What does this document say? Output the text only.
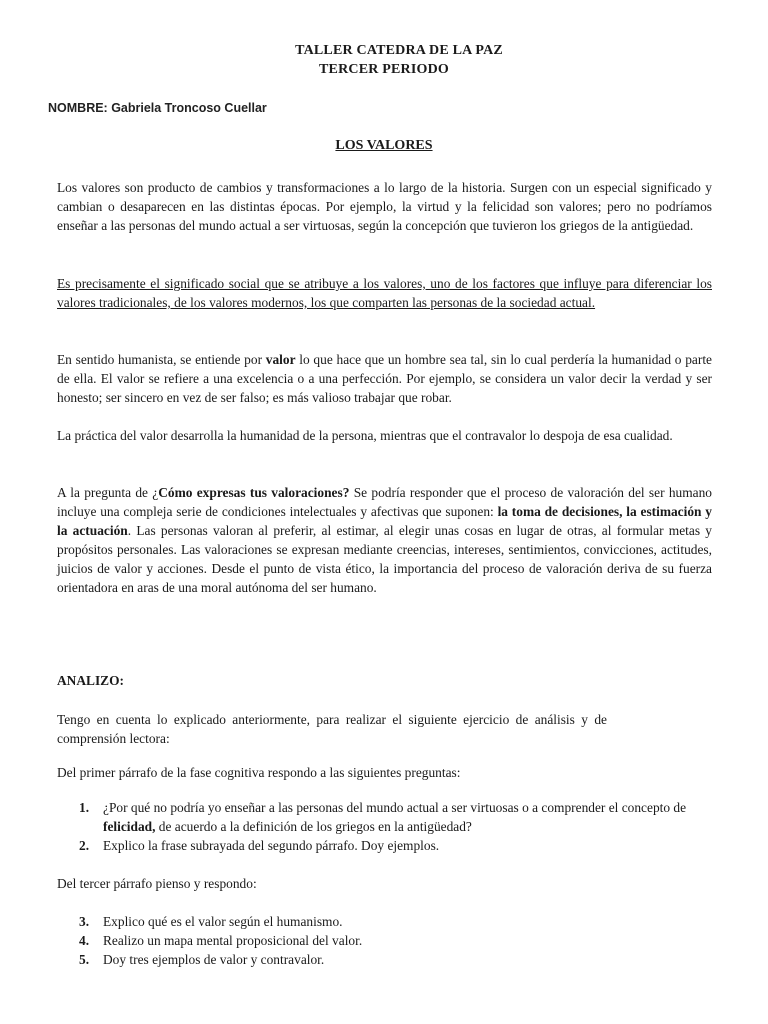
TALLER CATEDRA DE LA PAZ

TERCER PERIODO

NOMBRE: Gabriela Troncoso Cuellar

LOS VALORES

Los valores son producto de cambios y transformaciones a lo largo de la historia. Surgen con un especial significado y cambian o desaparecen en las distintas épocas. Por ejemplo, la virtud y la felicidad son valores; pero no podríamos enseñar a las personas del mundo actual a ser virtuosas, según la concepción que tuvieron los griegos de la antigüedad.

Es precisamente el significado social que se atribuye a los valores, uno de los factores que influye para diferenciar los valores tradicionales, de los valores modernos, los que comparten las personas de la sociedad actual.

En sentido humanista, se entiende por valor lo que hace que un hombre sea tal, sin lo cual perdería la humanidad o parte de ella. El valor se refiere a una excelencia o a una perfección. Por ejemplo, se considera un valor decir la verdad y ser honesto; ser sincero en vez de ser falso; es más valioso trabajar que robar.

La práctica del valor desarrolla la humanidad de la persona, mientras que el contravalor lo despoja de esa cualidad.

A la pregunta de ¿Cómo expresas tus valoraciones? Se podría responder que el proceso de valoración del ser humano incluye una compleja serie de condiciones intelectuales y afectivas que suponen: la toma de decisiones, la estimación y la actuación. Las personas valoran al preferir, al estimar, al elegir unas cosas en lugar de otras, al formular metas y propósitos personales. Las valoraciones se expresan mediante creencias, intereses, sentimientos, convicciones, actitudes, juicios de valor y acciones. Desde el punto de vista ético, la importancia del proceso de valoración deriva de su fuerza orientadora en aras de una moral autónoma del ser humano.

ANALIZO:

Tengo en cuenta lo explicado anteriormente, para realizar el siguiente ejercicio de análisis y de comprensión lectora:

Del primer párrafo de la fase cognitiva respondo a las siguientes preguntas:

1. ¿Por qué no podría yo enseñar a las personas del mundo actual a ser virtuosas o a comprender el concepto de felicidad, de acuerdo a la definición de los griegos en la antigüedad?
2. Explico la frase subrayada del segundo párrafo. Doy ejemplos.

Del tercer párrafo pienso y respondo:

3. Explico qué es el valor según el humanismo.
4. Realizo un mapa mental proposicional del valor.
5. Doy tres ejemplos de valor y contravalor.
